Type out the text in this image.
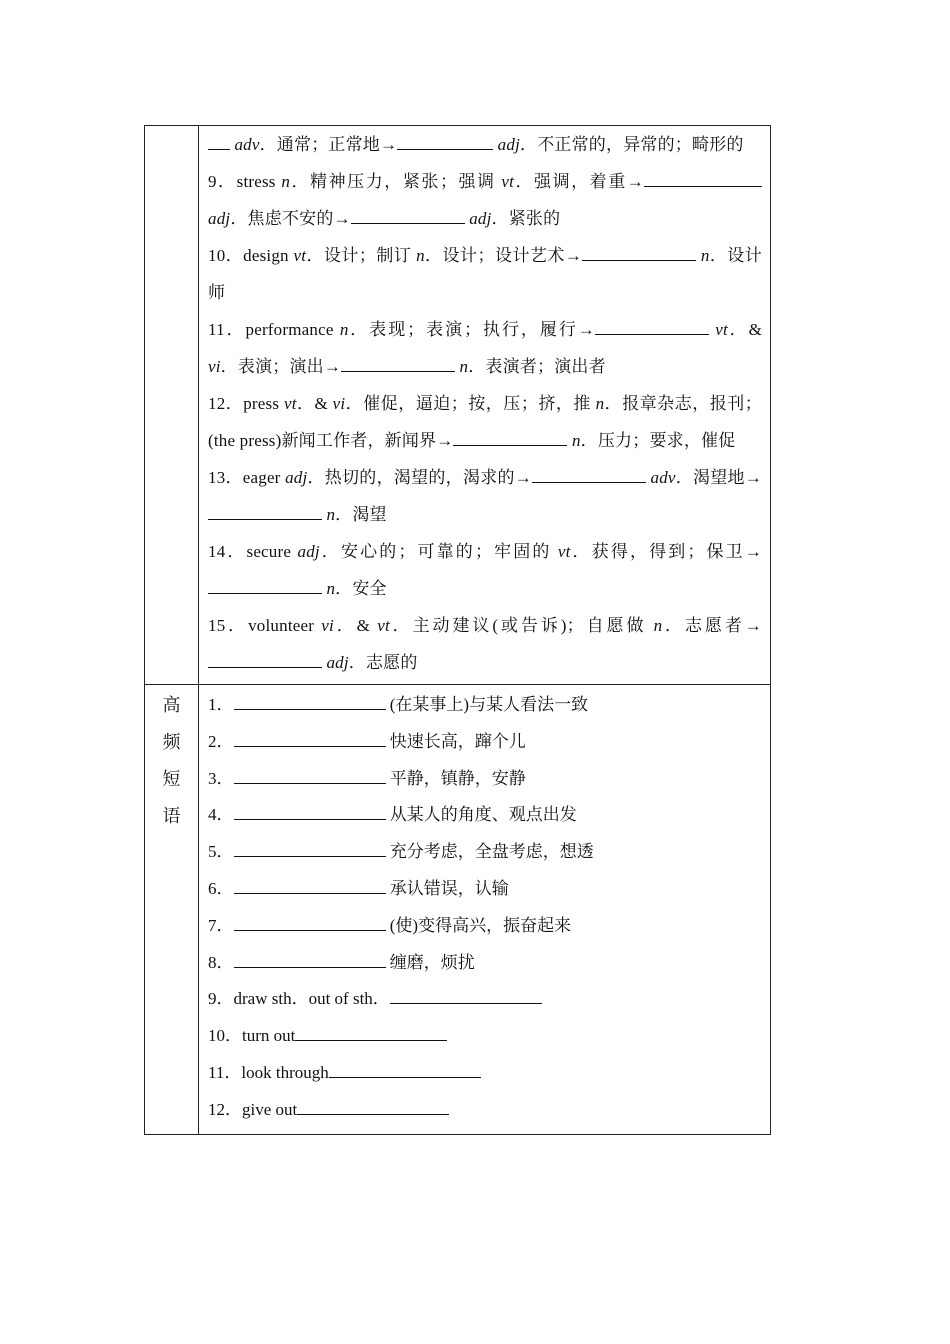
adv．通常；正常地→	adj．不正常的，异常的；畸形的
9．stress n．精神压力，紧张；强调 vt．强调，着重→ adj．焦虑不安的→	adj．紧张的
10．design vt．设计；制订 n．设计；设计艺术→	n．设计师
11．performance n．表现；表演；执行，履行→	vt．& vi．表演；演出→	n．表演者；演出者
12．press vt．& vi．催促，逼迫；按，压；挤，推 n．报章杂志，报刊；(the press)新闻工作者，新闻界→	n．压力；要求，催促
13．eager adj．热切的，渴望的，渴求的→	adv．渴望地→ n．渴望
14．secure adj．安心的；可靠的；牢固的 vt．获得，得到；保卫→ n．安全
15．volunteer vi．& vt．主动建议(或告诉)；自愿做 n．志愿者→ adj．志愿的
高
频
短
语
1．	(在某事上)与某人看法一致
2．	快速长高，蹿个儿
3．	平静，镇静，安静
4．	从某人的角度、观点出发
5．	充分考虑，全盘考虑，想透
6．	承认错误，认输
7．	(使)变得高兴，振奋起来
8．	缠磨，烦扰
9．draw sth．out of sth．
10．turn out
11．look through
12．give out
